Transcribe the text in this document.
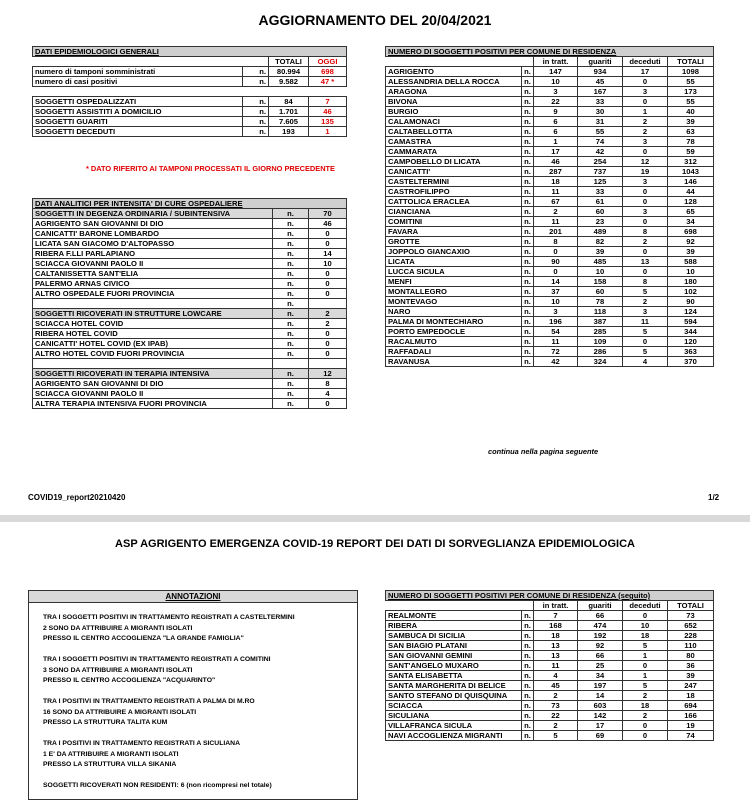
AGGIORNAMENTO DEL 20/04/2021
DATI EPIDEMIOLOGICI GENERALI			
		TOTALI	OGGI
numero di tamponi somministrati	n.	80.994	698
numero di casi positivi	n.	9.582	47 *

SOGGETTI OSPEDALIZZATI	n.	84	7
SOGGETTI ASSISTITI A DOMICILIO	n.	1.701	46
SOGGETTI GUARITI	n.	7.605	135
SOGGETTI DECEDUTI	n.	193	1
* DATO RIFERITO AI TAMPONI PROCESSATI IL GIORNO PRECEDENTE
DATI ANALITICI PER INTENSITA' DI CURE OSPEDALIERE		
SOGGETTI IN DEGENZA ORDINARIA / SUBINTENSIVA	n.	70
AGRIGENTO SAN GIOVANNI DI DIO	n.	46
CANICATTI' BARONE LOMBARDO	n.	0
LICATA SAN GIACOMO D'ALTOPASSO	n.	0
RIBERA F.LLI PARLAPIANO	n.	14
SCIACCA GIOVANNI PAOLO II	n.	10
CALTANISSETTA SANT'ELIA	n.	0
PALERMO ARNAS CIVICO	n.	0
ALTRO OSPEDALE FUORI PROVINCIA	n.	0
	n.	
SOGGETTI RICOVERATI IN STRUTTURE LOWCARE	n.	2
SCIACCA HOTEL COVID	n.	2
RIBERA HOTEL COVID	n.	0
CANICATTI' HOTEL COVID (EX IPAB)	n.	0
ALTRO HOTEL COVID FUORI PROVINCIA	n.	0

SOGGETTI RICOVERATI IN TERAPIA INTENSIVA	n.	12
AGRIGENTO SAN GIOVANNI DI DIO	n.	8
SCIACCA GIOVANNI PAOLO II	n.	4
ALTRA TERAPIA INTENSIVA FUORI PROVINCIA	n.	0
NUMERO DI SOGGETTI POSITIVI PER COMUNE DI RESIDENZA					
		in tratt.	guariti	deceduti	TOTALI
AGRIGENTO	n.	147	934	17	1098
ALESSANDRIA DELLA ROCCA	n.	10	45	0	55
ARAGONA	n.	3	167	3	173
BIVONA	n.	22	33	0	55
BURGIO	n.	9	30	1	40
CALAMONACI	n.	6	31	2	39
CALTABELLOTTA	n.	6	55	2	63
CAMASTRA	n.	1	74	3	78
CAMMARATA	n.	17	42	0	59
CAMPOBELLO DI LICATA	n.	46	254	12	312
CANICATTI'	n.	287	737	19	1043
CASTELTERMINI	n.	18	125	3	146
CASTROFILIPPO	n.	11	33	0	44
CATTOLICA ERACLEA	n.	67	61	0	128
CIANCIANA	n.	2	60	3	65
COMITINI	n.	11	23	0	34
FAVARA	n.	201	489	8	698
GROTTE	n.	8	82	2	92
JOPPOLO GIANCAXIO	n.	0	39	0	39
LICATA	n.	90	485	13	588
LUCCA SICULA	n.	0	10	0	10
MENFI	n.	14	158	8	180
MONTALLEGRO	n.	37	60	5	102
MONTEVAGO	n.	10	78	2	90
NARO	n.	3	118	3	124
PALMA DI MONTECHIARO	n.	196	387	11	594
PORTO EMPEDOCLE	n.	54	285	5	344
RACALMUTO	n.	11	109	0	120
RAFFADALI	n.	72	286	5	363
RAVANUSA	n.	42	324	4	370
continua nella pagina seguente
COVID19_report20210420	1/2
ASP AGRIGENTO EMERGENZA COVID-19 REPORT DEI DATI DI SORVEGLIANZA EPIDEMIOLOGICA
ANNOTAZIONI
TRA I SOGGETTI POSITIVI IN TRATTAMENTO REGISTRATI A CASTELTERMINI
2 SONO DA ATTRIBUIRE A MIGRANTI ISOLATI
PRESSO IL CENTRO ACCOGLIENZA "LA GRANDE FAMIGLIA"
TRA I SOGGETTI POSITIVI IN TRATTAMENTO REGISTRATI A COMITINI
3 SONO DA ATTRIBUIRE A MIGRANTI ISOLATI
PRESSO IL CENTRO ACCOGLIENZA "ACQUARINTO"
TRA I POSITIVI IN TRATTAMENTO REGISTRATI A PALMA DI M.RO
16 SONO DA ATTRIBUIRE A MIGRANTI ISOLATI
PRESSO LA STRUTTURA TALITA KUM
TRA I POSITIVI IN TRATTAMENTO REGISTRATI A SICULIANA
1 E' DA ATTRIBUIRE A MIGRANTI ISOLATI
PRESSO LA STRUTTURA VILLA SIKANIA
SOGGETTI RICOVERATI NON RESIDENTI: 6 (non ricompresi nel totale)
NUMERO DI SOGGETTI POSITIVI PER COMUNE DI RESIDENZA (seguito)					
		in tratt.	guariti	deceduti	TOTALI
REALMONTE	n.	7	66	0	73
RIBERA	n.	168	474	10	652
SAMBUCA DI SICILIA	n.	18	192	18	228
SAN BIAGIO PLATANI	n.	13	92	5	110
SAN GIOVANNI GEMINI	n.	13	66	1	80
SANT'ANGELO MUXARO	n.	11	25	0	36
SANTA ELISABETTA	n.	4	34	1	39
SANTA MARGHERITA DI BELICE	n.	45	197	5	247
SANTO STEFANO DI QUISQUINA	n.	2	14	2	18
SCIACCA	n.	73	603	18	694
SICULIANA	n.	22	142	2	166
VILLAFRANCA SICULA	n.	2	17	0	19
NAVI ACCOGLIENZA MIGRANTI	n.	5	69	0	74
